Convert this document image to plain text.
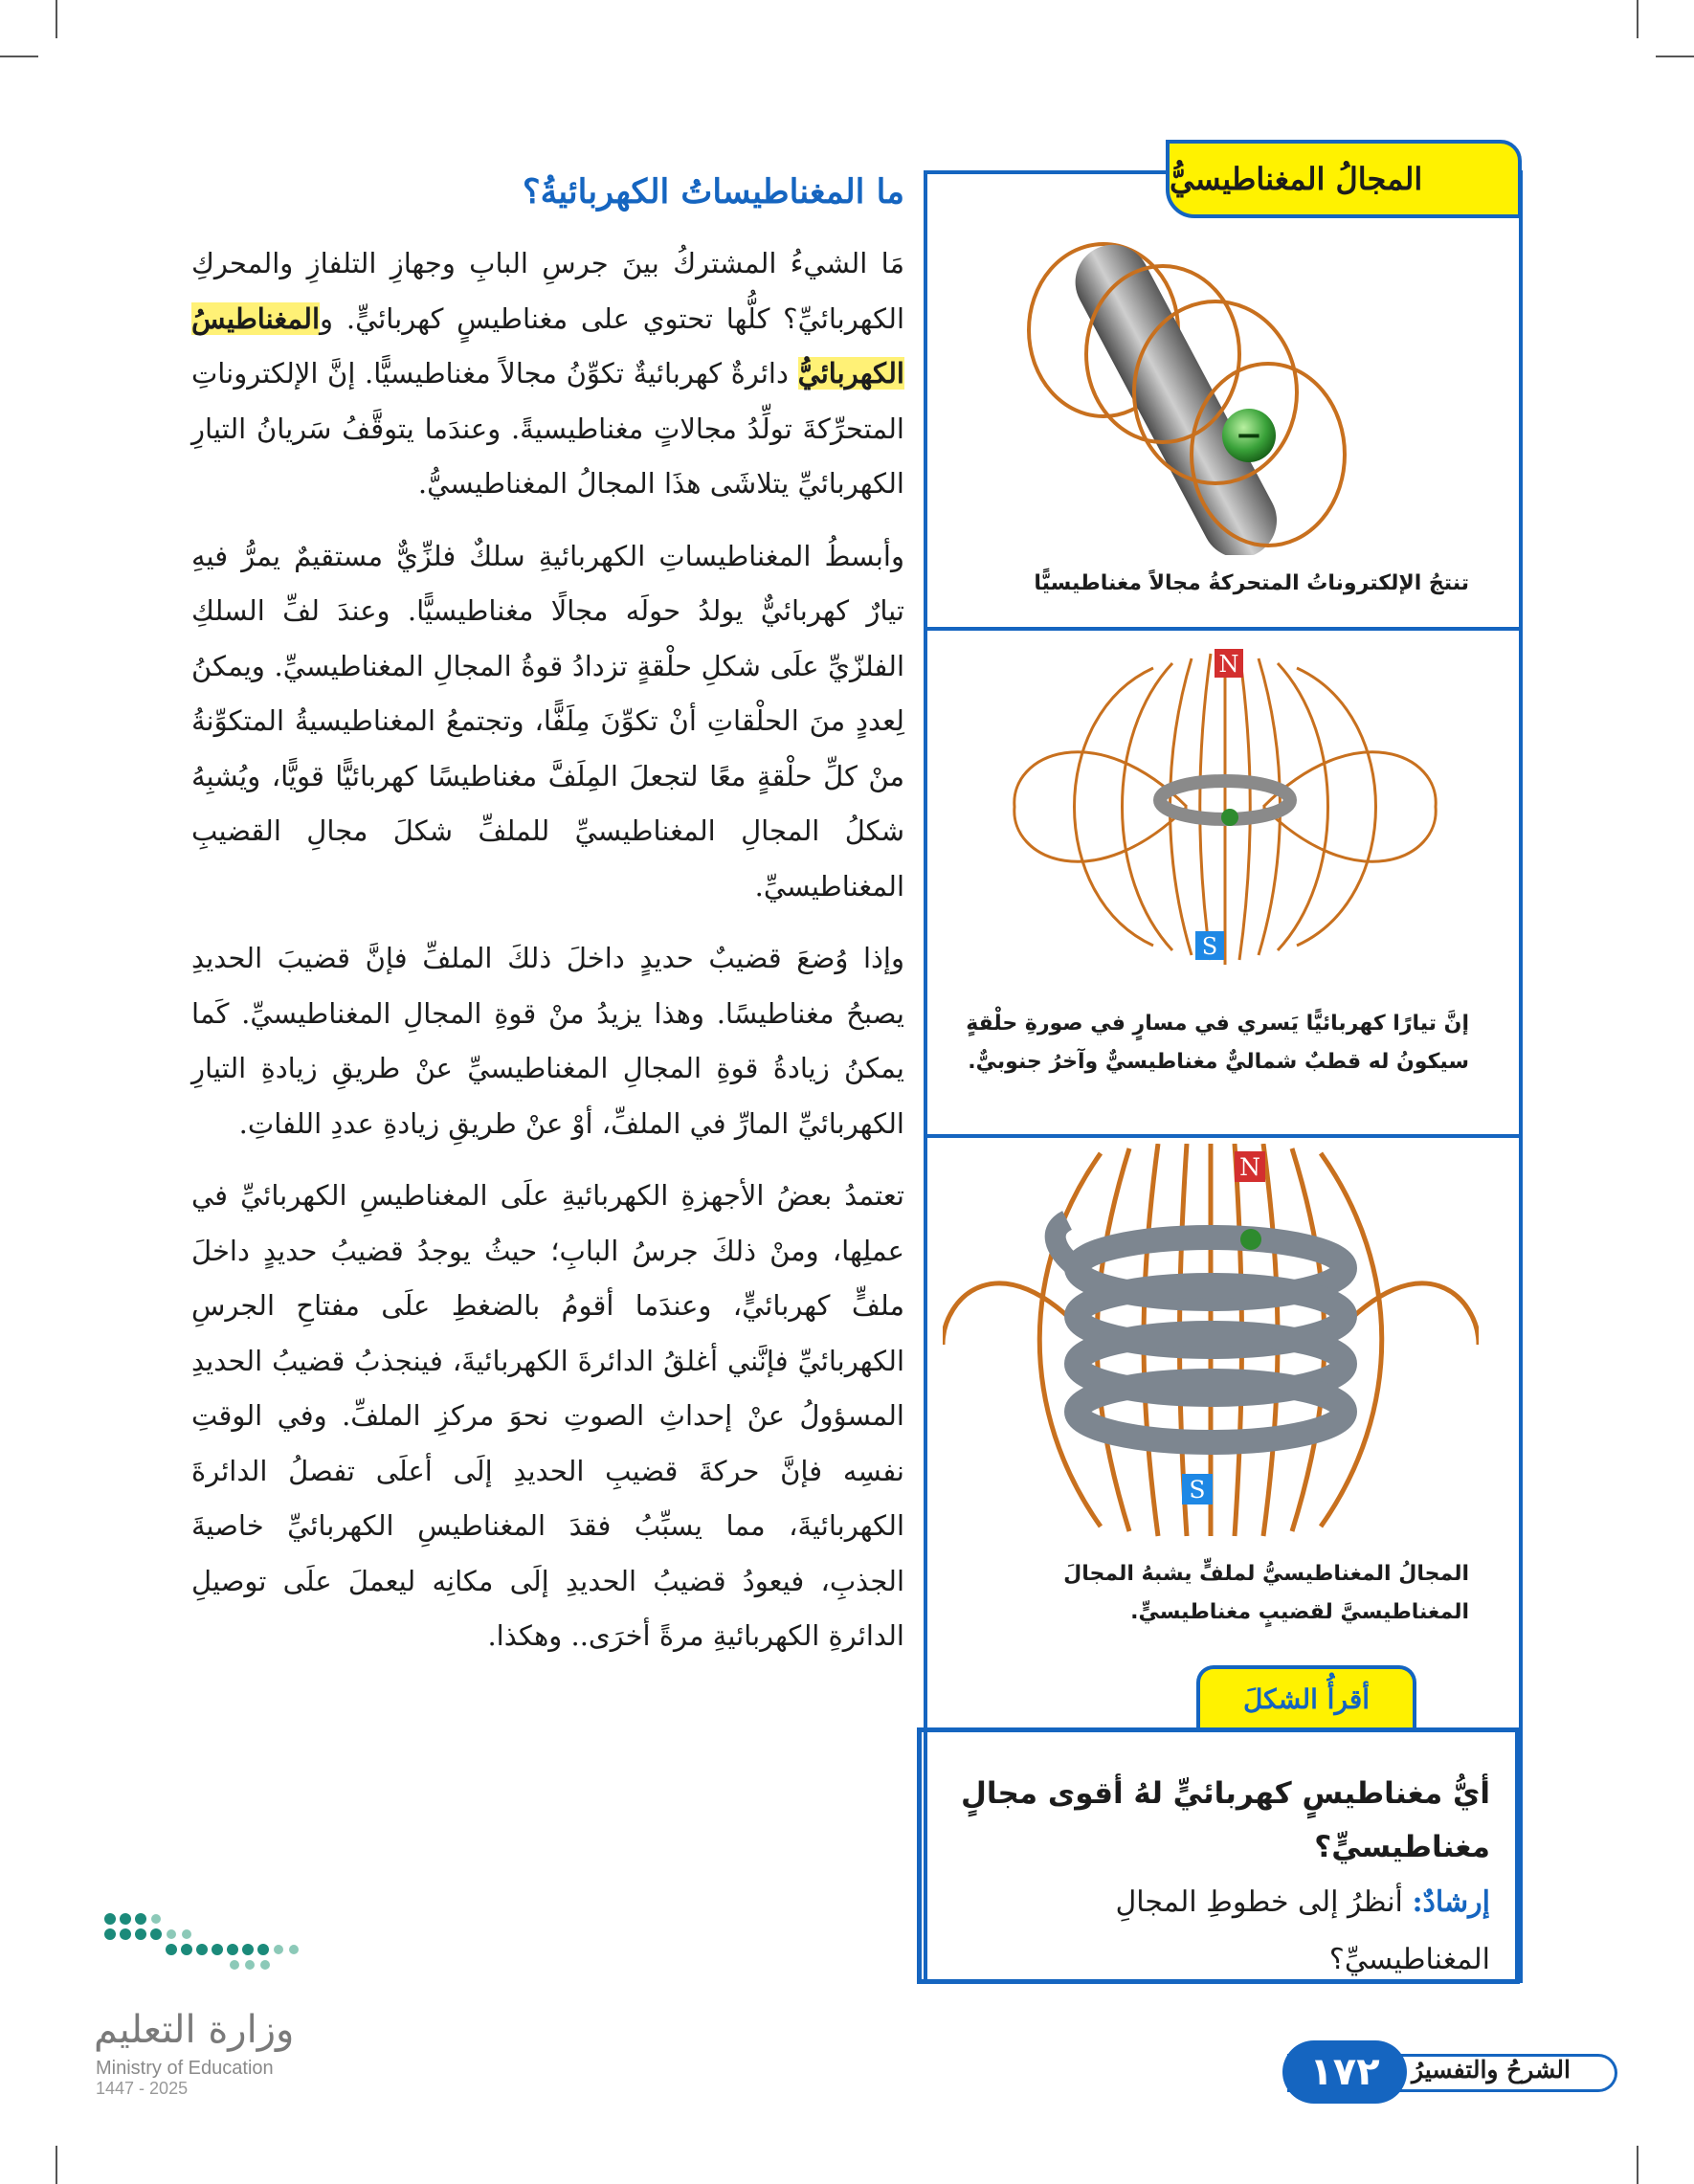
ما المغناطيساتُ الكهربائيةُ؟

مَا الشيءُ المشتركُ بينَ جرسِ البابِ وجهازِ التلفازِ والمحركِ الكهربائيِّ؟ كلُّها تحتوي على مغناطيسٍ كهربائيٍّ. والمغناطيسُ الكهربائيُّ دائرةٌ كهربائيةٌ تكوِّنُ مجالاً مغناطيسيًّا. إنَّ الإلكتروناتِ المتحرِّكةَ تولِّدُ مجالاتٍ مغناطيسيةً. وعندَما يتوقَّفُ سَريانُ التيارِ الكهربائيِّ يتلاشَى هذَا المجالُ المغناطيسيُّ.

وأبسطُ المغناطيساتِ الكهربائيةِ سلكٌ فلزِّيٌّ مستقيمٌ يمرُّ فيهِ تيارٌ كهربائيٌّ يولدُ حولَه مجالًا مغناطيسيًّا. وعندَ لفِّ السلكِ الفلزّيِّ علَى شكلِ حلْقةٍ تزدادُ قوةُ المجالِ المغناطيسيِّ. ويمكنُ لِعددٍ منَ الحلْقاتِ أنْ تكوِّنَ مِلَفًّا، وتجتمعُ المغناطيسيةُ المتكوِّنةُ منْ كلِّ حلْقةٍ معًا لتجعلَ المِلَفَّ مغناطيسًا كهربائيًّا قويًّا، ويُشبِهُ شكلُ المجالِ المغناطيسيِّ للملفِّ شكلَ مجالِ القضيبِ المغناطيسيِّ.

وإذا وُضعَ قضيبٌ حديدٍ داخلَ ذلكَ الملفِّ فإنَّ قضيبَ الحديدِ يصبحُ مغناطيسًا. وهذا يزيدُ منْ قوةِ المجالِ المغناطيسيِّ. كَما يمكنُ زيادةُ قوةِ المجالِ المغناطيسيِّ عنْ طريقِ زيادةِ التيارِ الكهربائيِّ المارِّ في الملفِّ، أوْ عنْ طريقِ زيادةِ عددِ اللفاتِ.

تعتمدُ بعضُ الأجهزةِ الكهربائيةِ علَى المغناطيسِ الكهربائيِّ في عملِها، ومنْ ذلكَ جرسُ البابِ؛ حيثُ يوجدُ قضيبُ حديدٍ داخلَ ملفٍّ كهربائيٍّ، وعندَما أقومُ بالضغطِ علَى مفتاحِ الجرسِ الكهربائيِّ فإنَّني أغلقُ الدائرةَ الكهربائيةَ، فينجذبُ قضيبُ الحديدِ المسؤولُ عنْ إحداثِ الصوتِ نحوَ مركزِ الملفِّ. وفي الوقتِ نفسِه فإنَّ حركةَ قضيبِ الحديدِ إلَى أعلَى تفصلُ الدائرةَ الكهربائيةَ، مما يسبِّبُ فقدَ المغناطيسِ الكهربائيِّ خاصيةَ الجذبِ، فيعودُ قضيبُ الحديدِ إلَى مكانِه ليعملَ علَى توصيلِ الدائرةِ الكهربائيةِ مرةً أخرَى.. وهكذا.

المجالُ المغناطيسيُّ
−
تنتجُ الإلكتروناتُ المتحركةُ مجالاً مغناطيسيًّا
N
S
إنَّ تيارًا كهربائيًّا يَسري في مسارٍ في صورةِ حلْقةٍ سيكونُ له قطبٌ شماليٌّ مغناطيسيٌّ وآخرُ جنوبيٌّ.
N
S
المجالُ المغناطيسيُّ لملفٍّ يشبهُ المجالَ المغناطيسيَّ لقضيبٍ مغناطيسيٍّ.
أقرأُ الشكلَ

أيُّ مغناطيسٍ كهربائيٍّ لهُ أقوى مجالٍ مغناطيسيٍّ؟

إرشادٌ: أنظرُ إلى خطوطِ المجالِ المغناطيسيِّ؟

الشرحُ والتفسيرُ
١٧٢
وزارة التعليم
Ministry of Education
2025 - 1447
